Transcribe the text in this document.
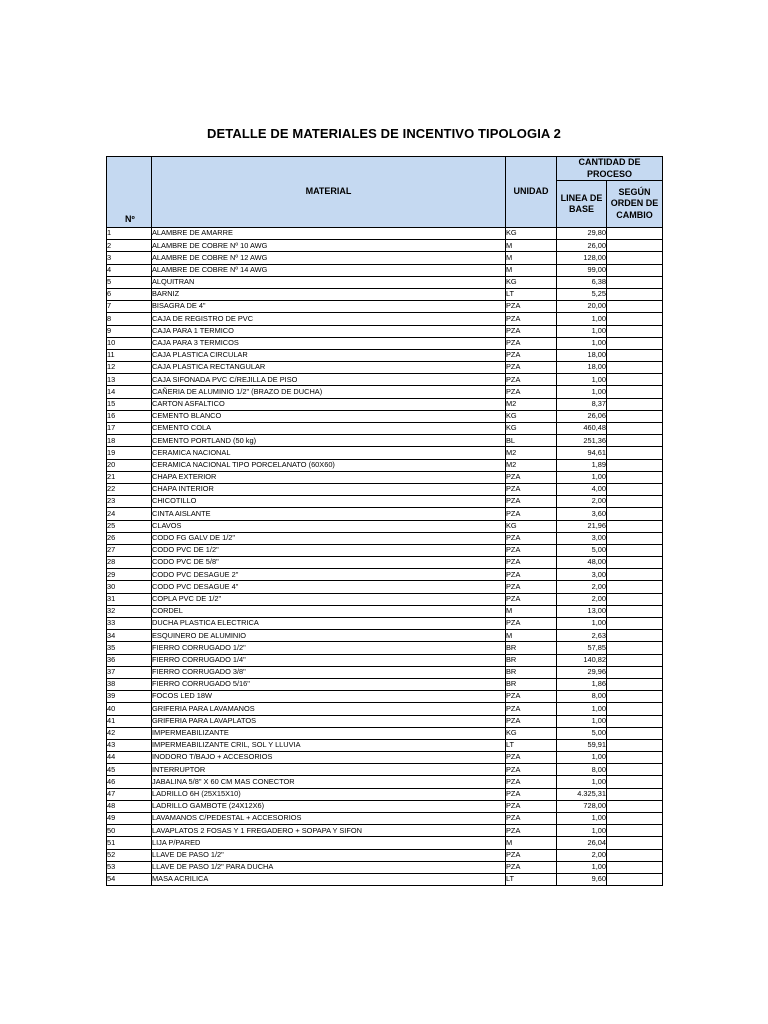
DETALLE DE MATERIALES DE INCENTIVO TIPOLOGIA 2
Nº	MATERIAL	UNIDAD	CANTIDAD DE PROCESO	
			LINEA DE BASE	SEGÚN ORDEN DE CAMBIO
1	ALAMBRE DE AMARRE	KG	29,80	
2	ALAMBRE DE COBRE Nº 10 AWG	M	26,00	
3	ALAMBRE DE COBRE Nº 12 AWG	M	128,00	
4	ALAMBRE DE COBRE Nº 14 AWG	M	99,00	
5	ALQUITRAN	KG	6,38	
6	BARNIZ	LT	5,25	
7	BISAGRA DE 4"	PZA	20,00	
8	CAJA DE REGISTRO DE PVC	PZA	1,00	
9	CAJA PARA 1 TERMICO	PZA	1,00	
10	CAJA PARA 3 TERMICOS	PZA	1,00	
11	CAJA PLASTICA CIRCULAR	PZA	18,00	
12	CAJA PLASTICA RECTANGULAR	PZA	18,00	
13	CAJA SIFONADA PVC C/REJILLA DE PISO	PZA	1,00	
14	CAÑERIA DE ALUMINIO 1/2" (BRAZO DE DUCHA)	PZA	1,00	
15	CARTON ASFALTICO	M2	8,37	
16	CEMENTO BLANCO	KG	26,06	
17	CEMENTO COLA	KG	460,48	
18	CEMENTO PORTLAND (50 kg)	BL	251,36	
19	CERAMICA NACIONAL	M2	94,61	
20	CERAMICA NACIONAL TIPO PORCELANATO (60X60)	M2	1,89	
21	CHAPA EXTERIOR	PZA	1,00	
22	CHAPA INTERIOR	PZA	4,00	
23	CHICOTILLO	PZA	2,00	
24	CINTA AISLANTE	PZA	3,60	
25	CLAVOS	KG	21,96	
26	CODO FG GALV DE 1/2"	PZA	3,00	
27	CODO PVC DE 1/2"	PZA	5,00	
28	CODO PVC DE 5/8"	PZA	48,00	
29	CODO PVC DESAGUE 2"	PZA	3,00	
30	CODO PVC DESAGUE 4"	PZA	2,00	
31	COPLA PVC DE 1/2"	PZA	2,00	
32	CORDEL	M	13,00	
33	DUCHA PLASTICA ELECTRICA	PZA	1,00	
34	ESQUINERO DE ALUMINIO	M	2,63	
35	FIERRO CORRUGADO 1/2"	BR	57,85	
36	FIERRO CORRUGADO 1/4"	BR	140,82	
37	FIERRO CORRUGADO 3/8"	BR	29,96	
38	FIERRO CORRUGADO 5/16"	BR	1,86	
39	FOCOS LED 18W	PZA	8,00	
40	GRIFERIA PARA LAVAMANOS	PZA	1,00	
41	GRIFERIA PARA LAVAPLATOS	PZA	1,00	
42	IMPERMEABILIZANTE	KG	5,00	
43	IMPERMEABILIZANTE CRIL, SOL Y LLUVIA	LT	59,91	
44	INODORO T/BAJO + ACCESORIOS	PZA	1,00	
45	INTERRUPTOR	PZA	8,00	
46	JABALINA 5/8" X 60 CM MAS CONECTOR	PZA	1,00	
47	LADRILLO 6H (25X15X10)	PZA	4.325,31	
48	LADRILLO GAMBOTE (24X12X6)	PZA	728,00	
49	LAVAMANOS C/PEDESTAL + ACCESORIOS	PZA	1,00	
50	LAVAPLATOS 2 FOSAS Y 1 FREGADERO + SOPAPA Y SIFON	PZA	1,00	
51	LIJA P/PARED	M	26,04	
52	LLAVE DE PASO 1/2"	PZA	2,00	
53	LLAVE DE PASO 1/2" PARA DUCHA	PZA	1,00	
54	MASA ACRILICA	LT	9,60	
